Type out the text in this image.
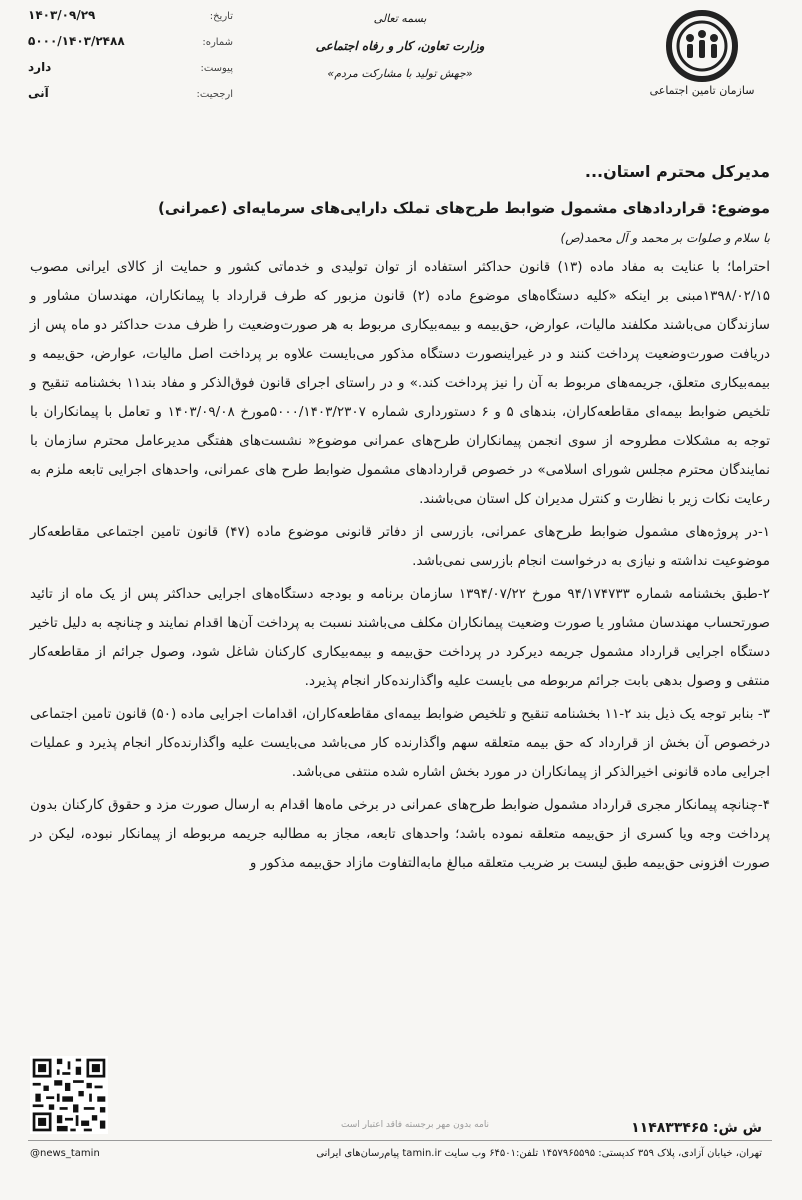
سازمان تامین اجتماعی
بسمه تعالی
وزارت تعاون، کار و رفاه اجتماعی
«جهش تولید با مشارکت مردم»
تاریخ:
۱۴۰۳/۰۹/۲۹
شماره:
۵۰۰۰/۱۴۰۳/۲۴۸۸
پیوست:
دارد
ارجحیت:
آنی
مدیرکل محترم استان...
موضوع: قراردادهای مشمول ضوابط طرح‌های تملک دارایی‌های سرمایه‌ای (عمرانی)
با سلام و صلوات بر محمد و آل محمد(ص)

احتراما؛ با عنایت به مفاد ماده (۱۳) قانون حداکثر استفاده از توان تولیدی و خدماتی کشور و حمایت از کالای ایرانی مصوب ۱۳۹۸/۰۲/۱۵مبنی بر اینکه «کلیه دستگاه‌های موضوع ماده (۲) قانون مزبور که طرف قرارداد با پیمانکاران، مهندسان مشاور و سازندگان می‌باشند مکلفند مالیات، عوارض، حق‌بیمه و بیمه‌بیکاری مربوط به هر صورت‌وضعیت را ظرف مدت حداکثر دو ماه پس از دریافت صورت‌وضعیت پرداخت کنند و در غیراینصورت دستگاه مذکور می‌بایست علاوه بر پرداخت اصل مالیات، عوارض، حق‌بیمه و بیمه‌بیکاری متعلق، جریمه‌های مربوط به آن را نیز پرداخت کند.» و در راستای اجرای قانون فوق‌الذکر و مفاد بند۱۱ بخشنامه تنقیح و تلخیص ضوابط بیمه‌ای مقاطعه‌کاران، بندهای ۵ و ۶ دستورداری شماره ۵۰۰۰/۱۴۰۳/۲۳۰۷مورخ ۱۴۰۳/۰۹/۰۸ و تعامل با پیمانکاران با توجه به مشکلات مطروحه از سوی انجمن پیمانکاران طرح‌های عمرانی موضوع« نشست‌های هفتگی مدیرعامل محترم سازمان با نمایندگان محترم مجلس شورای اسلامی» در خصوص قراردادهای مشمول ضوابط طرح های عمرانی، واحدهای اجرایی تابعه ملزم به رعایت نکات زیر با نظارت و کنترل مدیران کل استان می‌باشند.

۱-در پروژه‌های مشمول ضوابط طرح‌های عمرانی، بازرسی از دفاتر قانونی موضوع ماده (۴۷) قانون تامین اجتماعی مقاطعه‌کار موضوعیت نداشته و نیازی به درخواست انجام بازرسی نمی‌باشد.

۲-طبق بخشنامه شماره ۹۴/۱۷۴۷۳۳ مورخ ۱۳۹۴/۰۷/۲۲ سازمان برنامه و بودجه دستگاه‌های اجرایی حداکثر پس از یک ماه از تائید صورتحساب مهندسان مشاور یا صورت وضعیت پیمانکاران مکلف می‌باشند نسبت به پرداخت آن‌ها اقدام نمایند و چنانچه به دلیل تاخیر دستگاه اجرایی قرارداد مشمول جریمه دیرکرد در پرداخت حق‌بیمه و بیمه‌بیکاری کارکنان شاغل شود، وصول جرائم از مقاطعه‌کار منتفی و وصول بدهی بابت جرائم مربوطه می بایست علیه واگذارنده‌کار انجام پذیرد.

۳- بنابر توجه یک ذیل بند ۲-۱۱ بخشنامه تنقیح و تلخیص ضوابط بیمه‌ای مقاطعه‌کاران، اقدامات اجرایی ماده (۵۰) قانون تامین اجتماعی درخصوص آن بخش از قرارداد که حق بیمه متعلقه سهم واگذارنده کار می‌باشد می‌بایست علیه واگذارنده‌کار انجام پذیرد و عملیات اجرایی ماده قانونی اخیرالذکر از پیمانکاران در مورد بخش اشاره شده منتفی می‌باشد.

۴-چنانچه پیمانکار مجری قرارداد مشمول ضوابط طرح‌های عمرانی در برخی ماه‌ها اقدام به ارسال صورت مزد و حقوق کارکنان بدون پرداخت وجه ویا کسری از حق‌بیمه متعلقه نموده باشد؛ واحدهای تابعه، مجاز به مطالبه جریمه مربوطه از پیمانکار نبوده، لیکن در صورت افزونی حق‌بیمه طبق لیست بر ضریب متعلقه مبالغ مابه‌التفاوت مازاد حق‌بیمه مذکور و

نامه بدون مهر برجسته فاقد اعتبار است	ش ش: ۱۱۴۸۳۳۴۶۵
تهران، خیابان آزادی، پلاک ۳۵۹ کدپستی: ۱۴۵۷۹۶۵۵۹۵ تلفن:۶۴۵۰۱ وب سایت tamin.ir پیام‌رسان‌های ایرانی
@news_tamin
